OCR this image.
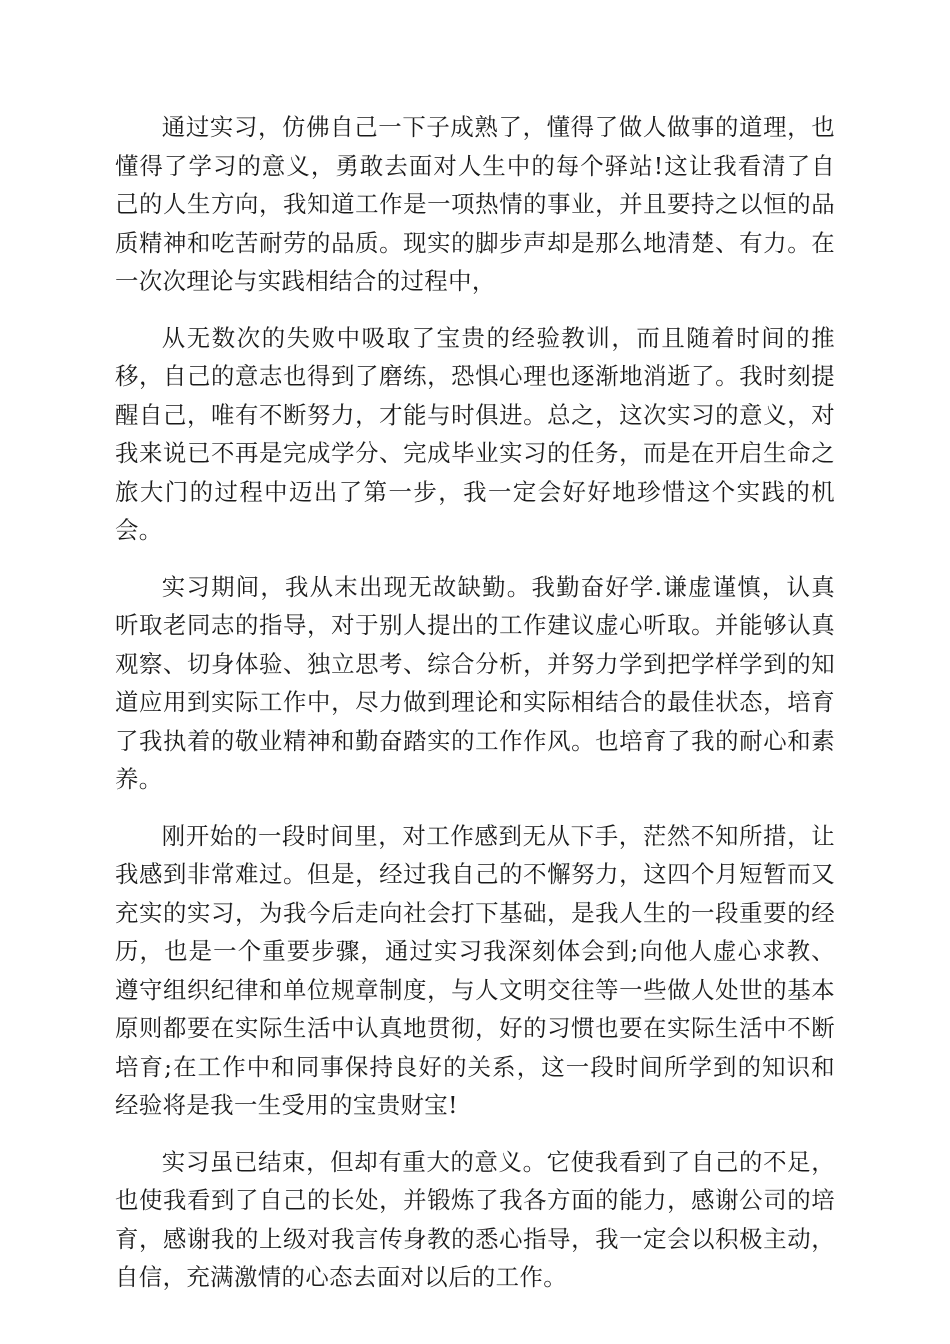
通过实习，仿佛自己一下子成熟了，懂得了做人做事的道理，也懂得了学习的意义，勇敢去面对人生中的每个驿站!这让我看清了自己的人生方向，我知道工作是一项热情的事业，并且要持之以恒的品质精神和吃苦耐劳的品质。现实的脚步声却是那么地清楚、有力。在一次次理论与实践相结合的过程中，

从无数次的失败中吸取了宝贵的经验教训，而且随着时间的推移，自己的意志也得到了磨练，恐惧心理也逐渐地消逝了。我时刻提醒自己，唯有不断努力，才能与时俱进。总之，这次实习的意义，对我来说已不再是完成学分、完成毕业实习的任务，而是在开启生命之旅大门的过程中迈出了第一步，我一定会好好地珍惜这个实践的机会。

实习期间，我从末出现无故缺勤。我勤奋好学.谦虚谨慎，认真听取老同志的指导，对于别人提出的工作建议虚心听取。并能够认真观察、切身体验、独立思考、综合分析，并努力学到把学样学到的知道应用到实际工作中，尽力做到理论和实际相结合的最佳状态，培育了我执着的敬业精神和勤奋踏实的工作作风。也培育了我的耐心和素养。

刚开始的一段时间里，对工作感到无从下手，茫然不知所措，让我感到非常难过。但是，经过我自己的不懈努力，这四个月短暂而又充实的实习，为我今后走向社会打下基础，是我人生的一段重要的经历，也是一个重要步骤，通过实习我深刻体会到;向他人虚心求教、遵守组织纪律和单位规章制度，与人文明交往等一些做人处世的基本原则都要在实际生活中认真地贯彻，好的习惯也要在实际生活中不断培育;在工作中和同事保持良好的关系，这一段时间所学到的知识和经验将是我一生受用的宝贵财宝!

实习虽已结束，但却有重大的意义。它使我看到了自己的不足，也使我看到了自己的长处，并锻炼了我各方面的能力，感谢公司的培育，感谢我的上级对我言传身教的悉心指导，我一定会以积极主动，自信，充满激情的心态去面对以后的工作。
